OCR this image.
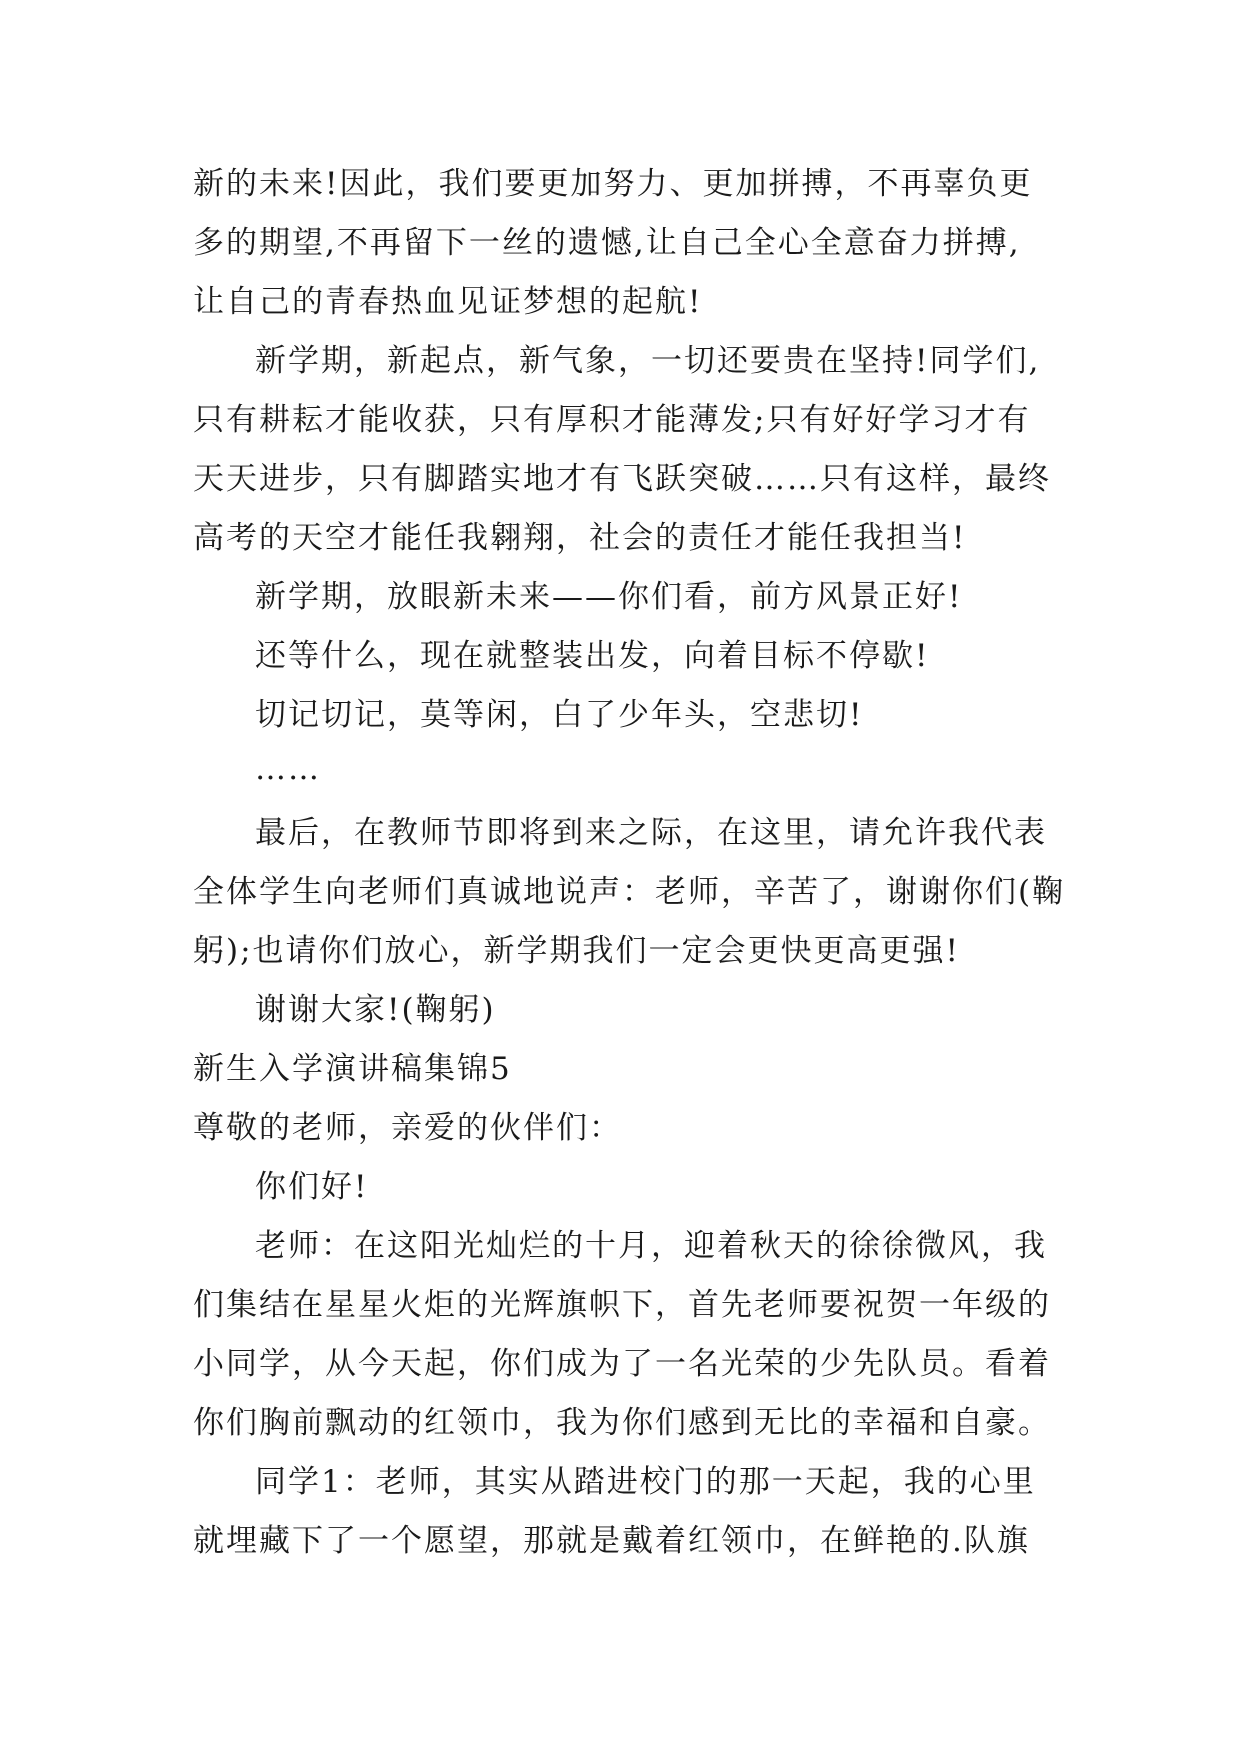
新的未来!因此，我们要更加努力、更加拼搏，不再辜负更
多的期望,不再留下一丝的遗憾,让自己全心全意奋力拼搏,
让自己的青春热血见证梦想的起航!
新学期，新起点，新气象，一切还要贵在坚持!同学们,
只有耕耘才能收获，只有厚积才能薄发;只有好好学习才有
天天进步，只有脚踏实地才有飞跃突破……只有这样，最终
高考的天空才能任我翱翔，社会的责任才能任我担当!
新学期，放眼新未来——你们看，前方风景正好!
还等什么，现在就整装出发，向着目标不停歇!
切记切记，莫等闲，白了少年头，空悲切!
……
最后，在教师节即将到来之际，在这里，请允许我代表
全体学生向老师们真诚地说声：老师，辛苦了，谢谢你们(鞠
躬);也请你们放心，新学期我们一定会更快更高更强!
谢谢大家!(鞠躬)
新生入学演讲稿集锦5
尊敬的老师，亲爱的伙伴们：
你们好!
老师：在这阳光灿烂的十月，迎着秋天的徐徐微风，我
们集结在星星火炬的光辉旗帜下，首先老师要祝贺一年级的
小同学，从今天起，你们成为了一名光荣的少先队员。看着
你们胸前飘动的红领巾，我为你们感到无比的幸福和自豪。
同学1：老师，其实从踏进校门的那一天起，我的心里
就埋藏下了一个愿望，那就是戴着红领巾，在鲜艳的.队旗
